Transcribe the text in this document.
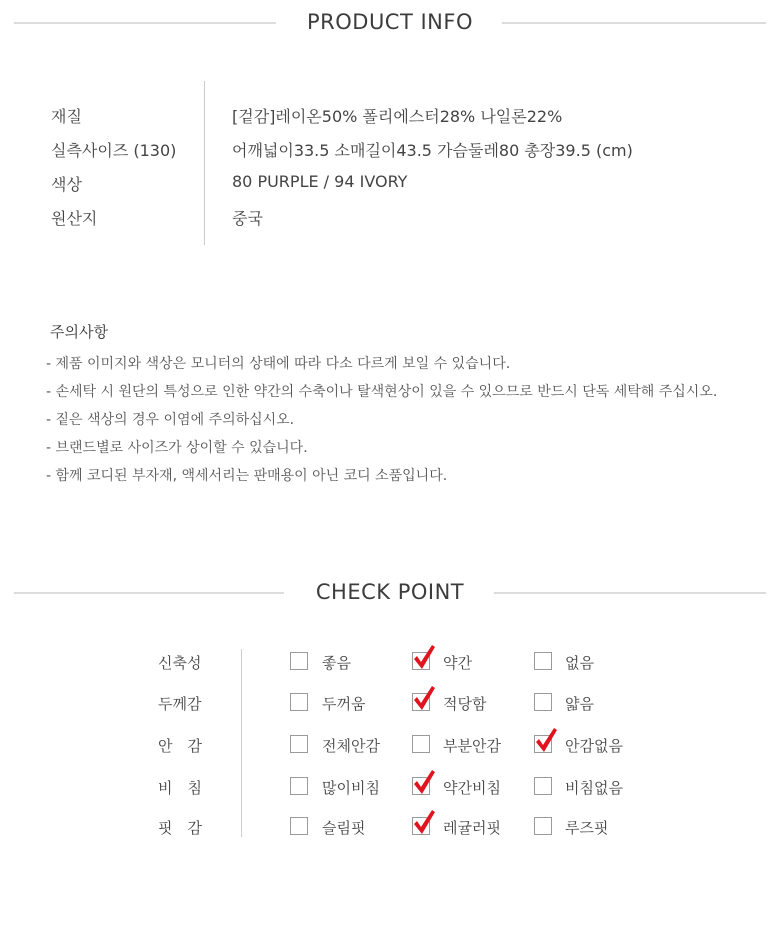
PRODUCT INFO
재질	[겉감]레이온50% 폴리에스터28% 나일론22%
실측사이즈 (130)	어깨넓이33.5 소매길이43.5 가슴둘레80 총장39.5 (cm)
색상	80 PURPLE / 94 IVORY
원산지	중국
주의사항
- 제품 이미지와 색상은 모니터의 상태에 따라 다소 다르게 보일 수 있습니다.
- 손세탁 시 원단의 특성으로 인한 약간의 수축이나 탈색현상이 있을 수 있으므로 반드시 단독 세탁해 주십시오.
- 짙은 색상의 경우 이염에 주의하십시오.
- 브랜드별로 사이즈가 상이할 수 있습니다.
- 함께 코디된 부자재, 액세서리는 판매용이 아닌 코디 소품입니다.
CHECK POINT
신축성	좋음	약간	없음
두께감	두꺼움	적당함	얇음
안 감	전체안감	부분안감	안감없음
비 침	많이비침	약간비침	비침없음
핏 감	슬림핏	레귤러핏	루즈핏
